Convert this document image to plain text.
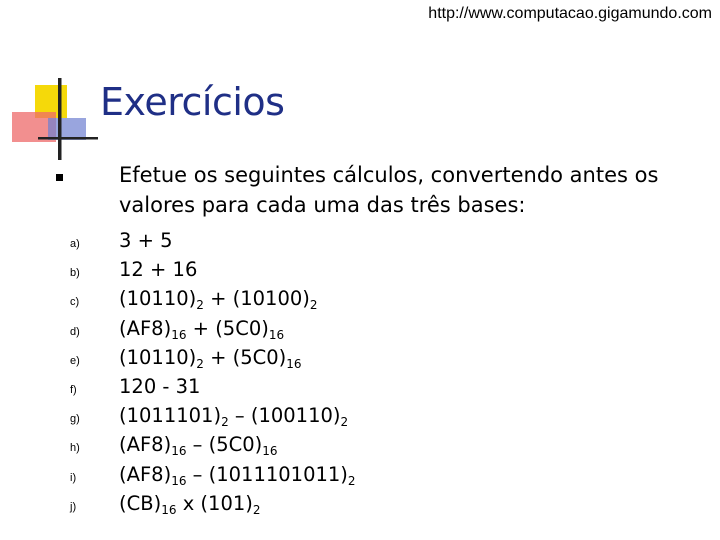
http://www.computacao.gigamundo.com
Exercícios
Efetue os seguintes cálculos, convertendo antes os
valores para cada uma das três bases:
a) 3 + 5
b) 12 + 16
c) $(10110)_2 + (10100)_2$
d) $(AF8)_{16} + (5C0)_{16}$
e) $(10110)_2 + (5C0)_{16}$
f) 120 - 31
g) $(1011101)_2 - (100110)_2$
h) $(AF8)_{16} - (5C0)_{16}$
i) $(AF8)_{16} - (1011101011)_2$
j) $(CB)_{16}$ x $(101)_2$
